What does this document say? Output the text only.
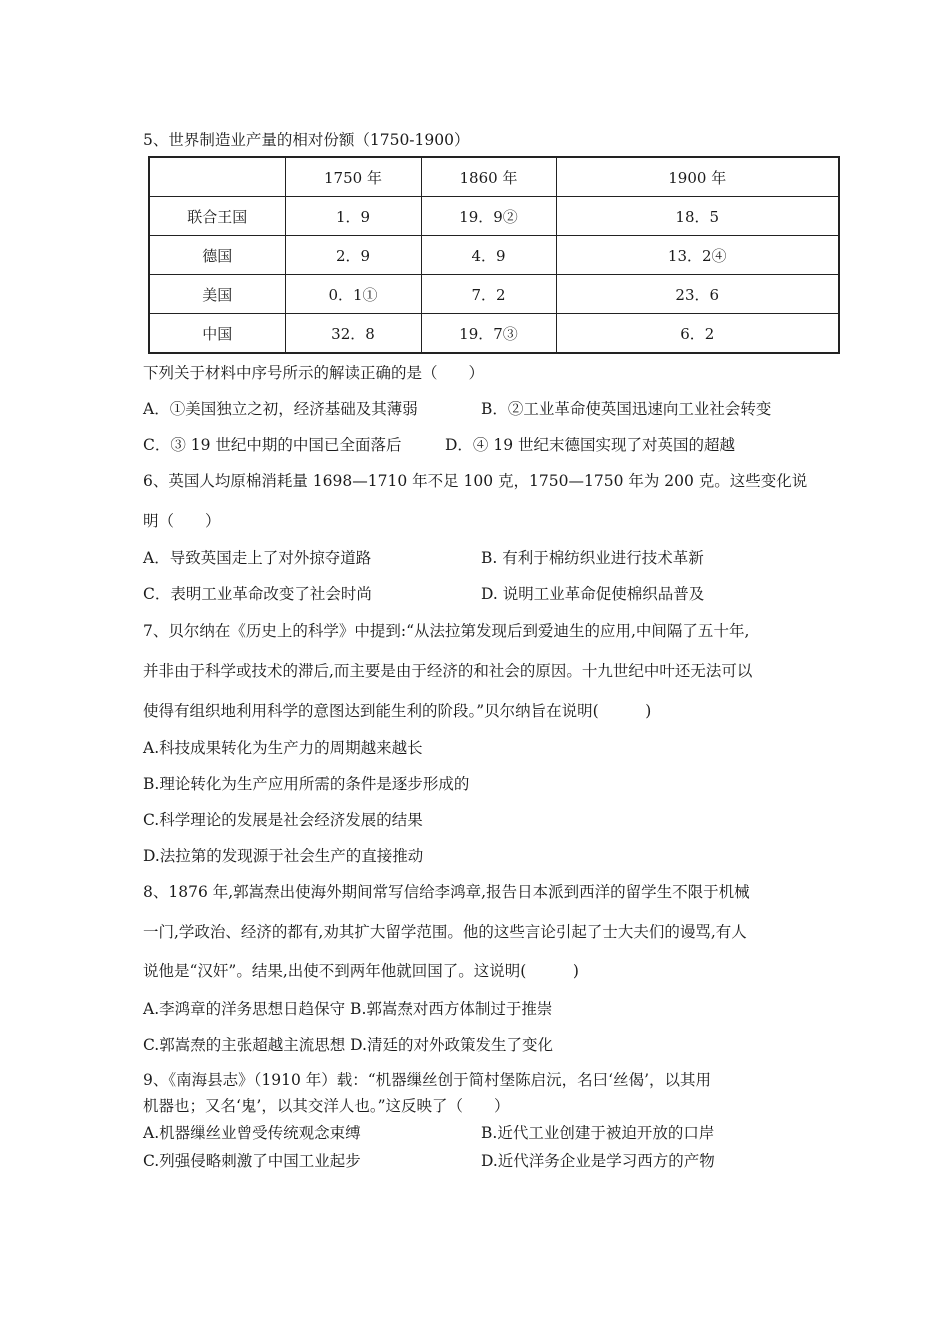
5、世界制造业产量的相对份额（1750-1900）
	1750 年	1860 年	1900 年
联合王国	1．9	19．9②	18．5
德国	2．9	4．9	13．2④
美国	0．1①	7．2	23．6
中国	32．8	19．7③	6．2
下列关于材料中序号所示的解读正确的是（　　）
A．①美国独立之初，经济基础及其薄弱	B．②工业革命使英国迅速向工业社会转变
C．③ 19 世纪中期的中国已全面落后	D．④ 19 世纪末德国实现了对英国的超越
6、英国人均原棉消耗量 1698—1710 年不足 100 克，1750—1750 年为 200 克。这些变化说
明（　　）
A．导致英国走上了对外掠夺道路	B. 有利于棉纺织业进行技术革新
C．表明工业革命改变了社会时尚	D. 说明工业革命促使棉织品普及
7、贝尔纳在《历史上的科学》中提到:“从法拉第发现后到爱迪生的应用,中间隔了五十年,
并非由于科学或技术的滞后,而主要是由于经济的和社会的原因。十九世纪中叶还无法可以
使得有组织地利用科学的意图达到能生利的阶段。”贝尔纳旨在说明(　　　)
A.科技成果转化为生产力的周期越来越长
B.理论转化为生产应用所需的条件是逐步形成的
C.科学理论的发展是社会经济发展的结果
D.法拉第的发现源于社会生产的直接推动
8、1876 年,郭嵩焘出使海外期间常写信给李鸿章,报告日本派到西洋的留学生不限于机械
一门,学政治、经济的都有,劝其扩大留学范围。他的这些言论引起了士大夫们的谩骂,有人
说他是“汉奸”。结果,出使不到两年他就回国了。这说明(　　　)
A.李鸿章的洋务思想日趋保守 B.郭嵩焘对西方体制过于推崇
C.郭嵩焘的主张超越主流思想 D.清廷的对外政策发生了变化
9、《南海县志》（1910 年）载：“机器缫丝创于简村堡陈启沅，名曰‘丝偈’，以其用
机器也；又名‘鬼’，以其交洋人也。”这反映了（　　）
A.机器缫丝业曾受传统观念束缚	B.近代工业创建于被迫开放的口岸
C.列强侵略刺激了中国工业起步	D.近代洋务企业是学习西方的产物
